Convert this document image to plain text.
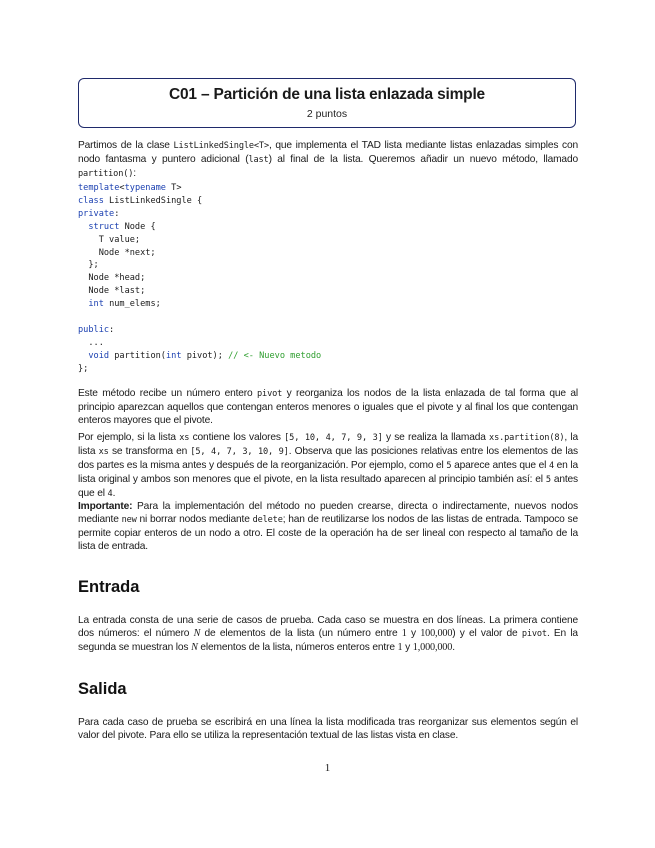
C01 – Partición de una lista enlazada simple
2 puntos

Partimos de la clase ListLinkedSingle<T>, que implementa el TAD lista mediante listas enlazadas simples con nodo fantasma y puntero adicional (last) al final de la lista. Queremos añadir un nuevo método, llamado partition():

template<typename T>
class ListLinkedSingle {
private:
struct Node {
T value;
Node *next;
};
Node *head;
Node *last;
int num_elems;

public:
...
void partition(int pivot); // <- Nuevo metodo
};

Este método recibe un número entero pivot y reorganiza los nodos de la lista enlazada de tal forma que al principio aparezcan aquellos que contengan enteros menores o iguales que el pivote y al final los que contengan enteros mayores que el pivote.

Por ejemplo, si la lista xs contiene los valores [5, 10, 4, 7, 9, 3] y se realiza la llamada xs.partition(8), la lista xs se transforma en [5, 4, 7, 3, 10, 9]. Observa que las posiciones relativas entre los elementos de las dos partes es la misma antes y después de la reorganización. Por ejemplo, como el 5 aparece antes que el 4 en la lista original y ambos son menores que el pivote, en la lista resultado aparecen al principio también así: el 5 antes que el 4.

Importante: Para la implementación del método no pueden crearse, directa o indirectamente, nuevos nodos mediante new ni borrar nodos mediante delete; han de reutilizarse los nodos de las listas de entrada. Tampoco se permite copiar enteros de un nodo a otro. El coste de la operación ha de ser lineal con respecto al tamaño de la lista de entrada.

Entrada

La entrada consta de una serie de casos de prueba. Cada caso se muestra en dos líneas. La primera contiene dos números: el número N de elementos de la lista (un número entre 1 y 100,000) y el valor de pivot. En la segunda se muestran los N elementos de la lista, números enteros entre 1 y 1,000,000.

Salida

Para cada caso de prueba se escribirá en una línea la lista modificada tras reorganizar sus elementos según el valor del pivote. Para ello se utiliza la representación textual de las listas vista en clase.

1
